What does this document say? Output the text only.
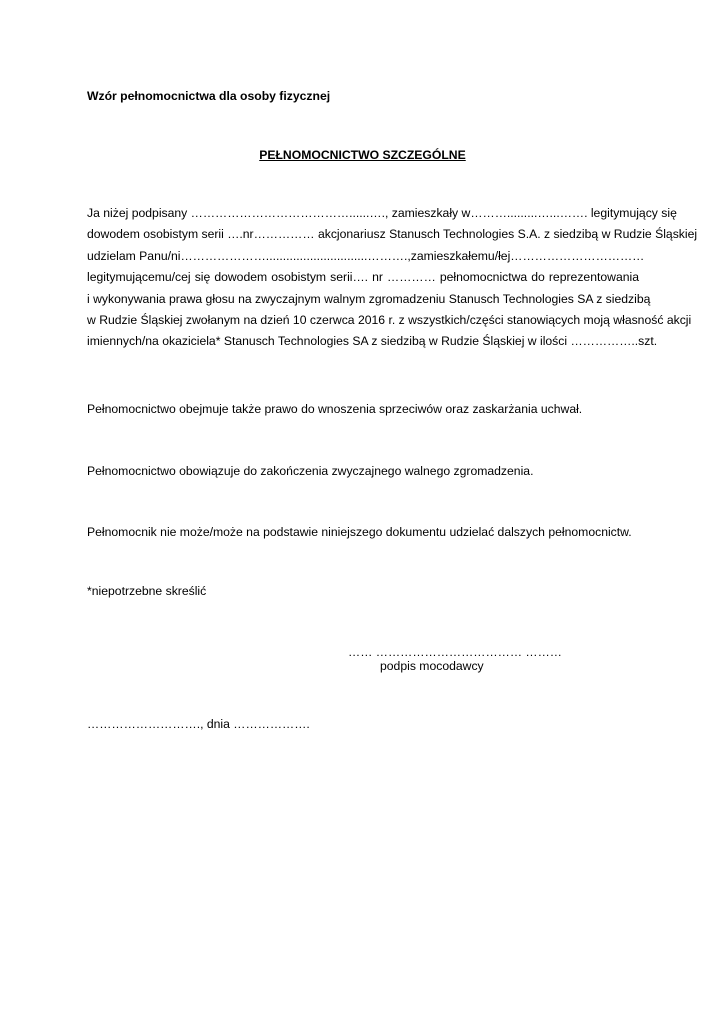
Wzór pełnomocnictwa dla osoby fizycznej
PEŁNOMOCNICTWO SZCZEGÓLNE
Ja niżej podpisany …………………………………......…., zamieszkały w……….........…...……. legitymujący się
dowodem osobistym serii ….nr…………… akcjonariusz Stanusch Technologies S.A. z siedzibą w Rudzie Śląskiej
udzielam Panu/ni…………………..............................……….,zamieszkałemu/łej……………………………
legitymującemu/cej się dowodem osobistym serii…. nr ………… pełnomocnictwa do reprezentowania
i wykonywania prawa głosu na zwyczajnym walnym zgromadzeniu Stanusch Technologies SA z siedzibą
w Rudzie Śląskiej zwołanym na dzień 10 czerwca 2016 r. z wszystkich/części stanowiących moją własność akcji
imiennych/na okaziciela* Stanusch Technologies SA z siedzibą w Rudzie Śląskiej w ilości ……………..szt.
Pełnomocnictwo obejmuje także prawo do wnoszenia sprzeciwów oraz zaskarżania uchwał.
Pełnomocnictwo obowiązuje do zakończenia zwyczajnego walnego zgromadzenia.
Pełnomocnik nie może/może na podstawie niniejszego dokumentu udzielać dalszych pełnomocnictw.
*niepotrzebne skreślić
…… ……………………………… ………
podpis mocodawcy
………………………., dnia ……………….
